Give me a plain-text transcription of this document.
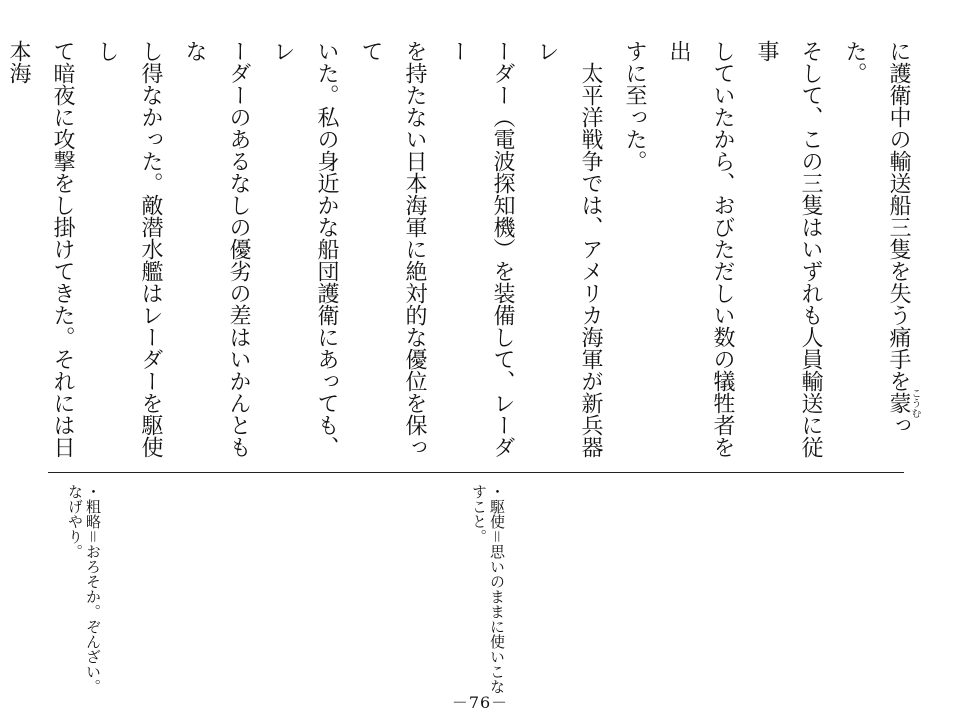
に護衛中の輸送船三隻を失う痛手を蒙こうむった。

そして、この三隻はいずれも人員輸送に従事

していたから、おびただしい数の犠牲者を出

すに至った。

　太平洋戦争では、アメリカ海軍が新兵器レ

ーダー（電波探知機）を装備して、レーダー

を持たない日本海軍に絶対的な優位を保って

いた。私の身近かな船団護衛にあっても、レ

ーダーのあるなしの優劣の差はいかんともな

し得なかった。敵潜水艦はレーダーを駆使し

て暗夜に攻撃をし掛けてきた。それには日本海

・駆使＝思いのままに使いこなすこと。
・粗略＝おろそか。ぞんざい。なげやり。
－76－
